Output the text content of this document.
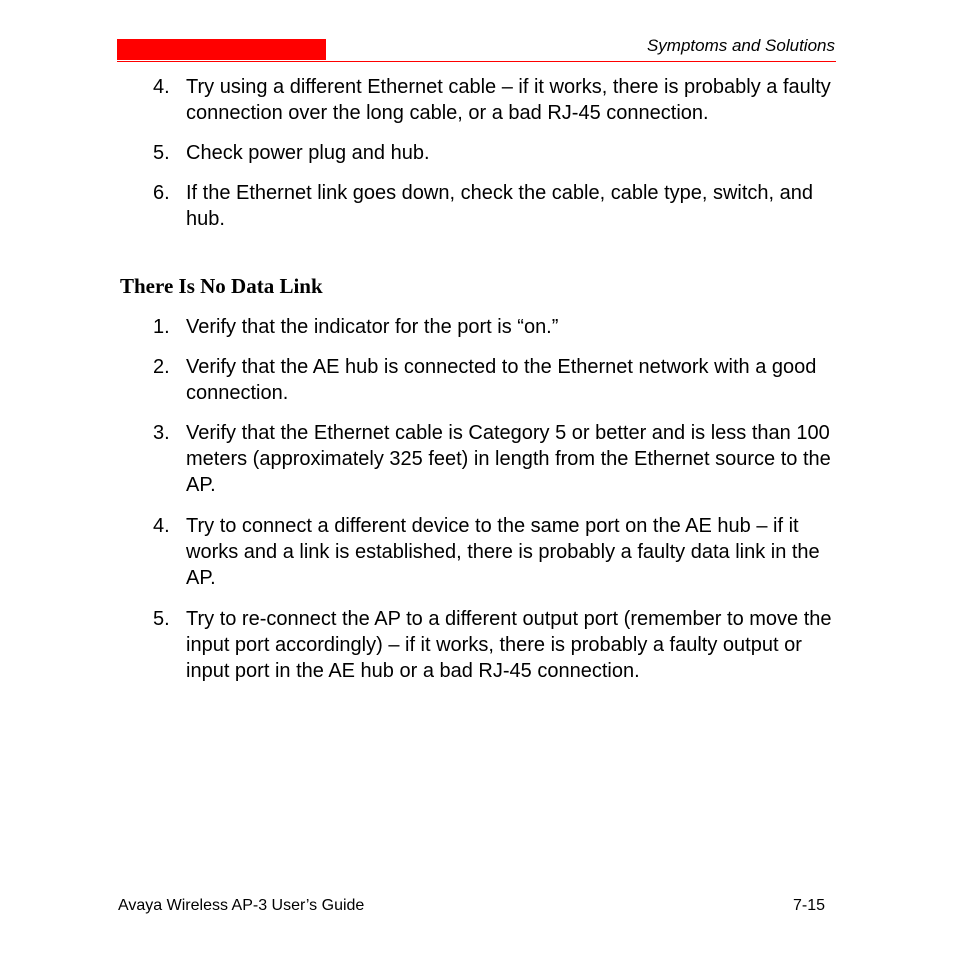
Symptoms and Solutions
4. Try using a different Ethernet cable – if it works, there is probably a faulty connection over the long cable, or a bad RJ-45 connection.
5. Check power plug and hub.
6. If the Ethernet link goes down, check the cable, cable type, switch, and hub.
There Is No Data Link
1. Verify that the indicator for the port is “on.”
2. Verify that the AE hub is connected to the Ethernet network with a good connection.
3. Verify that the Ethernet cable is Category 5 or better and is less than 100 meters (approximately 325 feet) in length from the Ethernet source to the AP.
4. Try to connect a different device to the same port on the AE hub – if it works and a link is established, there is probably a faulty data link in the AP.
5. Try to re-connect the AP to a different output port (remember to move the input port accordingly) – if it works, there is probably a faulty output or input port in the AE hub or a bad RJ-45 connection.
Avaya Wireless AP-3 User’s Guide	7-15
